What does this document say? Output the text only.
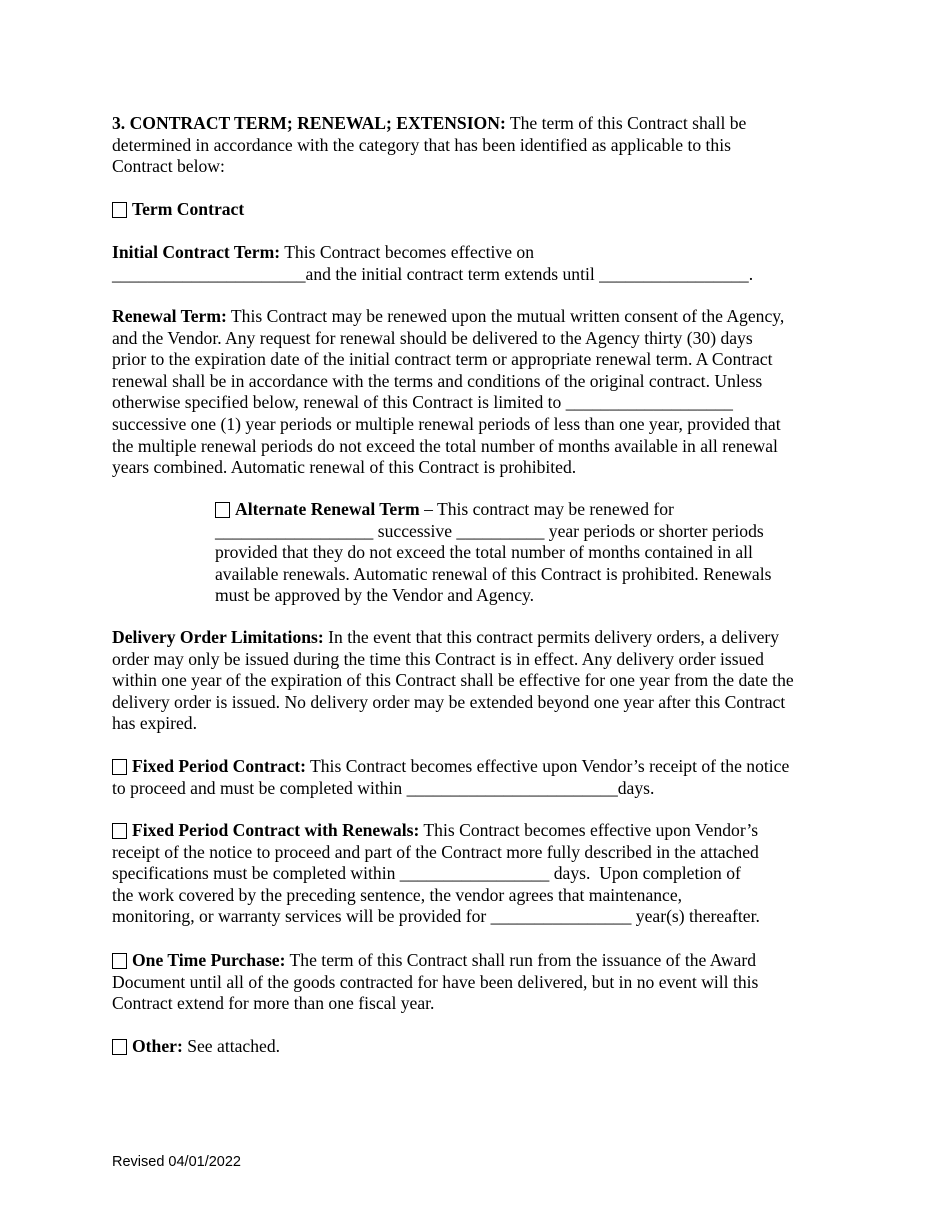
3. CONTRACT TERM; RENEWAL; EXTENSION: The term of this Contract shall be
determined in accordance with the category that has been identified as applicable to this
Contract below:

Term Contract

Initial Contract Term: This Contract becomes effective on
______________________and the initial contract term extends until _________________.

Renewal Term: This Contract may be renewed upon the mutual written consent of the Agency,
and the Vendor. Any request for renewal should be delivered to the Agency thirty (30) days
prior to the expiration date of the initial contract term or appropriate renewal term. A Contract
renewal shall be in accordance with the terms and conditions of the original contract. Unless
otherwise specified below, renewal of this Contract is limited to ___________________
successive one (1) year periods or multiple renewal periods of less than one year, provided that
the multiple renewal periods do not exceed the total number of months available in all renewal
years combined. Automatic renewal of this Contract is prohibited.

Alternate Renewal Term – This contract may be renewed for
__________________ successive __________ year periods or shorter periods
provided that they do not exceed the total number of months contained in all
available renewals. Automatic renewal of this Contract is prohibited. Renewals
must be approved by the Vendor and Agency.

Delivery Order Limitations: In the event that this contract permits delivery orders, a delivery
order may only be issued during the time this Contract is in effect. Any delivery order issued
within one year of the expiration of this Contract shall be effective for one year from the date the
delivery order is issued. No delivery order may be extended beyond one year after this Contract
has expired.

Fixed Period Contract: This Contract becomes effective upon Vendor’s receipt of the notice
to proceed and must be completed within ________________________days.

Fixed Period Contract with Renewals: This Contract becomes effective upon Vendor’s
receipt of the notice to proceed and part of the Contract more fully described in the attached
specifications must be completed within _________________ days.  Upon completion of
the work covered by the preceding sentence, the vendor agrees that maintenance,
monitoring, or warranty services will be provided for ________________ year(s) thereafter.

One Time Purchase: The term of this Contract shall run from the issuance of the Award
Document until all of the goods contracted for have been delivered, but in no event will this
Contract extend for more than one fiscal year.

Other: See attached.

Revised 04/01/2022
